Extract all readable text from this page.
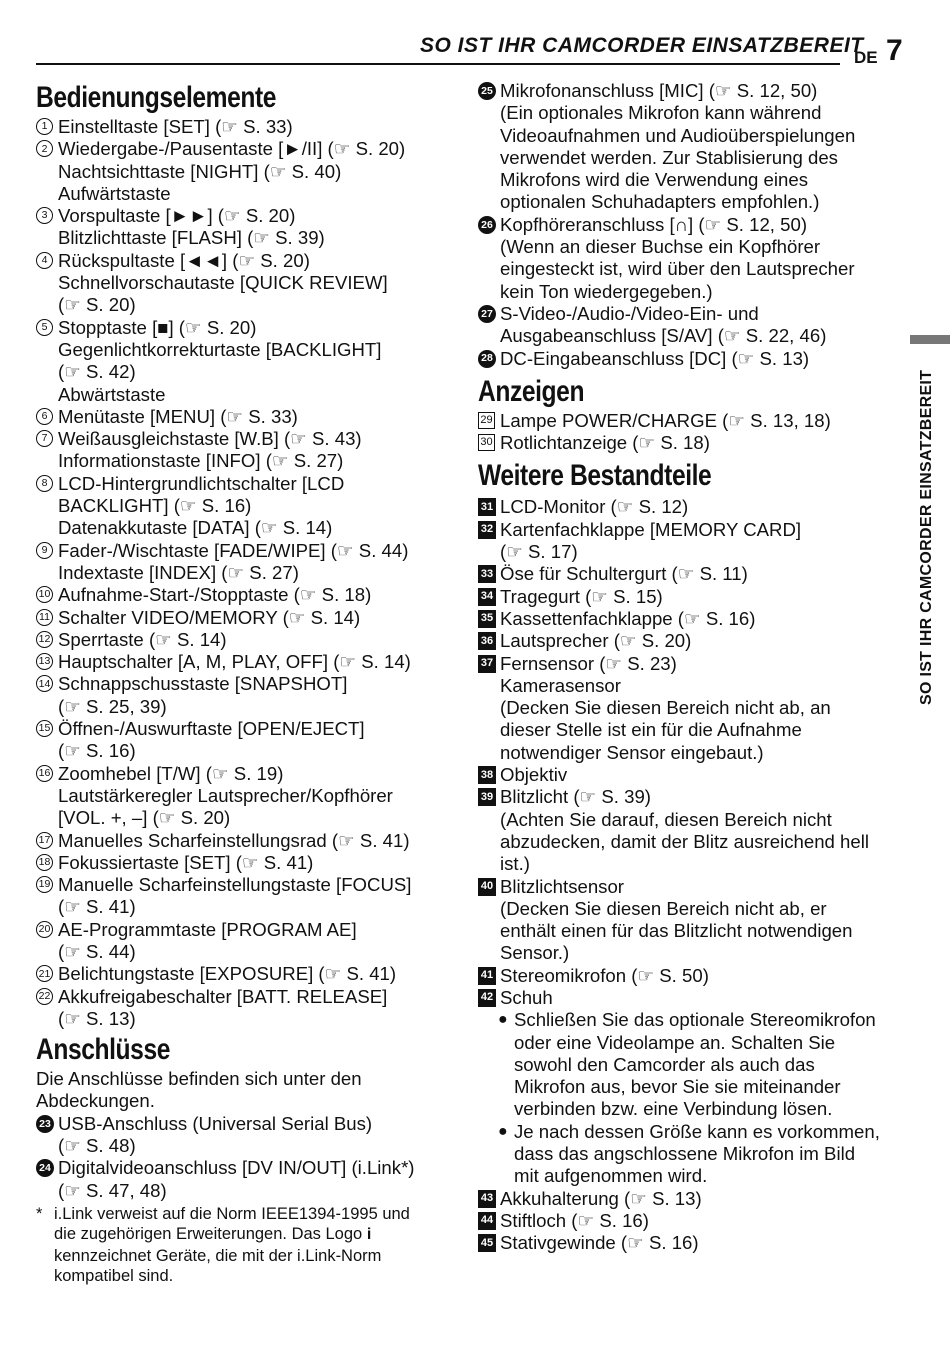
SO IST IHR CAMCORDER EINSATZBEREIT
DE 7
SO IST IHR CAMCORDER EINSATZBEREIT
Bedienungselemente
1 Einstelltaste [SET] (☞ S. 33)
2 Wiedergabe-/Pausentaste [►/II] (☞ S. 20)
Nachtsichttaste [NIGHT] (☞ S. 40)
Aufwärtstaste
3 Vorspultaste [►►] (☞ S. 20)
Blitzlichttaste [FLASH] (☞ S. 39)
4 Rückspultaste [◄◄] (☞ S. 20)
Schnellvorschautaste [QUICK REVIEW]
(☞ S. 20)
5 Stopptaste [■] (☞ S. 20)
Gegenlichtkorrekturtaste [BACKLIGHT]
(☞ S. 42)
Abwärtstaste
6 Menütaste [MENU] (☞ S. 33)
7 Weißausgleichstaste [W.B] (☞ S. 43)
Informationstaste [INFO] (☞ S. 27)
8 LCD-Hintergrundlichtschalter [LCD
BACKLIGHT] (☞ S. 16)
Datenakkutaste [DATA] (☞ S. 14)
9 Fader-/Wischtaste [FADE/WIPE] (☞ S. 44)
Indextaste [INDEX] (☞ S. 27)
10 Aufnahme-Start-/Stopptaste (☞ S. 18)
11 Schalter VIDEO/MEMORY (☞ S. 14)
12 Sperrtaste (☞ S. 14)
13 Hauptschalter [A, M, PLAY, OFF] (☞ S. 14)
14 Schnappschusstaste [SNAPSHOT]
(☞ S. 25, 39)
15 Öffnen-/Auswurftaste [OPEN/EJECT]
(☞ S. 16)
16 Zoomhebel [T/W] (☞ S. 19)
Lautstärkeregler Lautsprecher/Kopfhörer
[VOL. +, –] (☞ S. 20)
17 Manuelles Scharfeinstellungsrad (☞ S. 41)
18 Fokussiertaste [SET] (☞ S. 41)
19 Manuelle Scharfeinstellungstaste [FOCUS]
(☞ S. 41)
20 AE-Programmtaste [PROGRAM AE]
(☞ S. 44)
21 Belichtungstaste [EXPOSURE] (☞ S. 41)
22 Akkufreigabeschalter [BATT. RELEASE]
(☞ S. 13)
Anschlüsse
Die Anschlüsse befinden sich unter den
Abdeckungen.
23 USB-Anschluss (Universal Serial Bus)
(☞ S. 48)
24 Digitalvideoanschluss [DV IN/OUT] (i.Link*)
(☞ S. 47, 48)
* i.Link verweist auf die Norm IEEE1394-1995 und
die zugehörigen Erweiterungen. Das Logo i
kennzeichnet Geräte, die mit der i.Link-Norm
kompatibel sind.
25 Mikrofonanschluss [MIC] (☞ S. 12, 50)
(Ein optionales Mikrofon kann während
Videoaufnahmen und Audioüberspielungen
verwendet werden. Zur Stablisierung des
Mikrofons wird die Verwendung eines
optionalen Schuhadapters empfohlen.)
26 Kopfhöreranschluss [∩] (☞ S. 12, 50)
(Wenn an dieser Buchse ein Kopfhörer
eingesteckt ist, wird über den Lautsprecher
kein Ton wiedergegeben.)
27 S-Video-/Audio-/Video-Ein- und
Ausgabeanschluss [S/AV] (☞ S. 22, 46)
28 DC-Eingabeanschluss [DC] (☞ S. 13)
Anzeigen
29 Lampe POWER/CHARGE (☞ S. 13, 18)
30 Rotlichtanzeige (☞ S. 18)
Weitere Bestandteile
31 LCD-Monitor (☞ S. 12)
32 Kartenfachklappe [MEMORY CARD]
(☞ S. 17)
33 Öse für Schultergurt (☞ S. 11)
34 Tragegurt (☞ S. 15)
35 Kassettenfachklappe (☞ S. 16)
36 Lautsprecher (☞ S. 20)
37 Fernsensor (☞ S. 23)
Kamerasensor
(Decken Sie diesen Bereich nicht ab, an
dieser Stelle ist ein für die Aufnahme
notwendiger Sensor eingebaut.)
38 Objektiv
39 Blitzlicht (☞ S. 39)
(Achten Sie darauf, diesen Bereich nicht
abzudecken, damit der Blitz ausreichend hell
ist.)
40 Blitzlichtsensor
(Decken Sie diesen Bereich nicht ab, er
enthält einen für das Blitzlicht notwendigen
Sensor.)
41 Stereomikrofon (☞ S. 50)
42 Schuh
● Schließen Sie das optionale Stereomikrofon
oder eine Videolampe an. Schalten Sie
sowohl den Camcorder als auch das
Mikrofon aus, bevor Sie sie miteinander
verbinden bzw. eine Verbindung lösen.
● Je nach dessen Größe kann es vorkommen,
dass das angschlossene Mikrofon im Bild
mit aufgenommen wird.
43 Akkuhalterung (☞ S. 13)
44 Stiftloch (☞ S. 16)
45 Stativgewinde (☞ S. 16)
